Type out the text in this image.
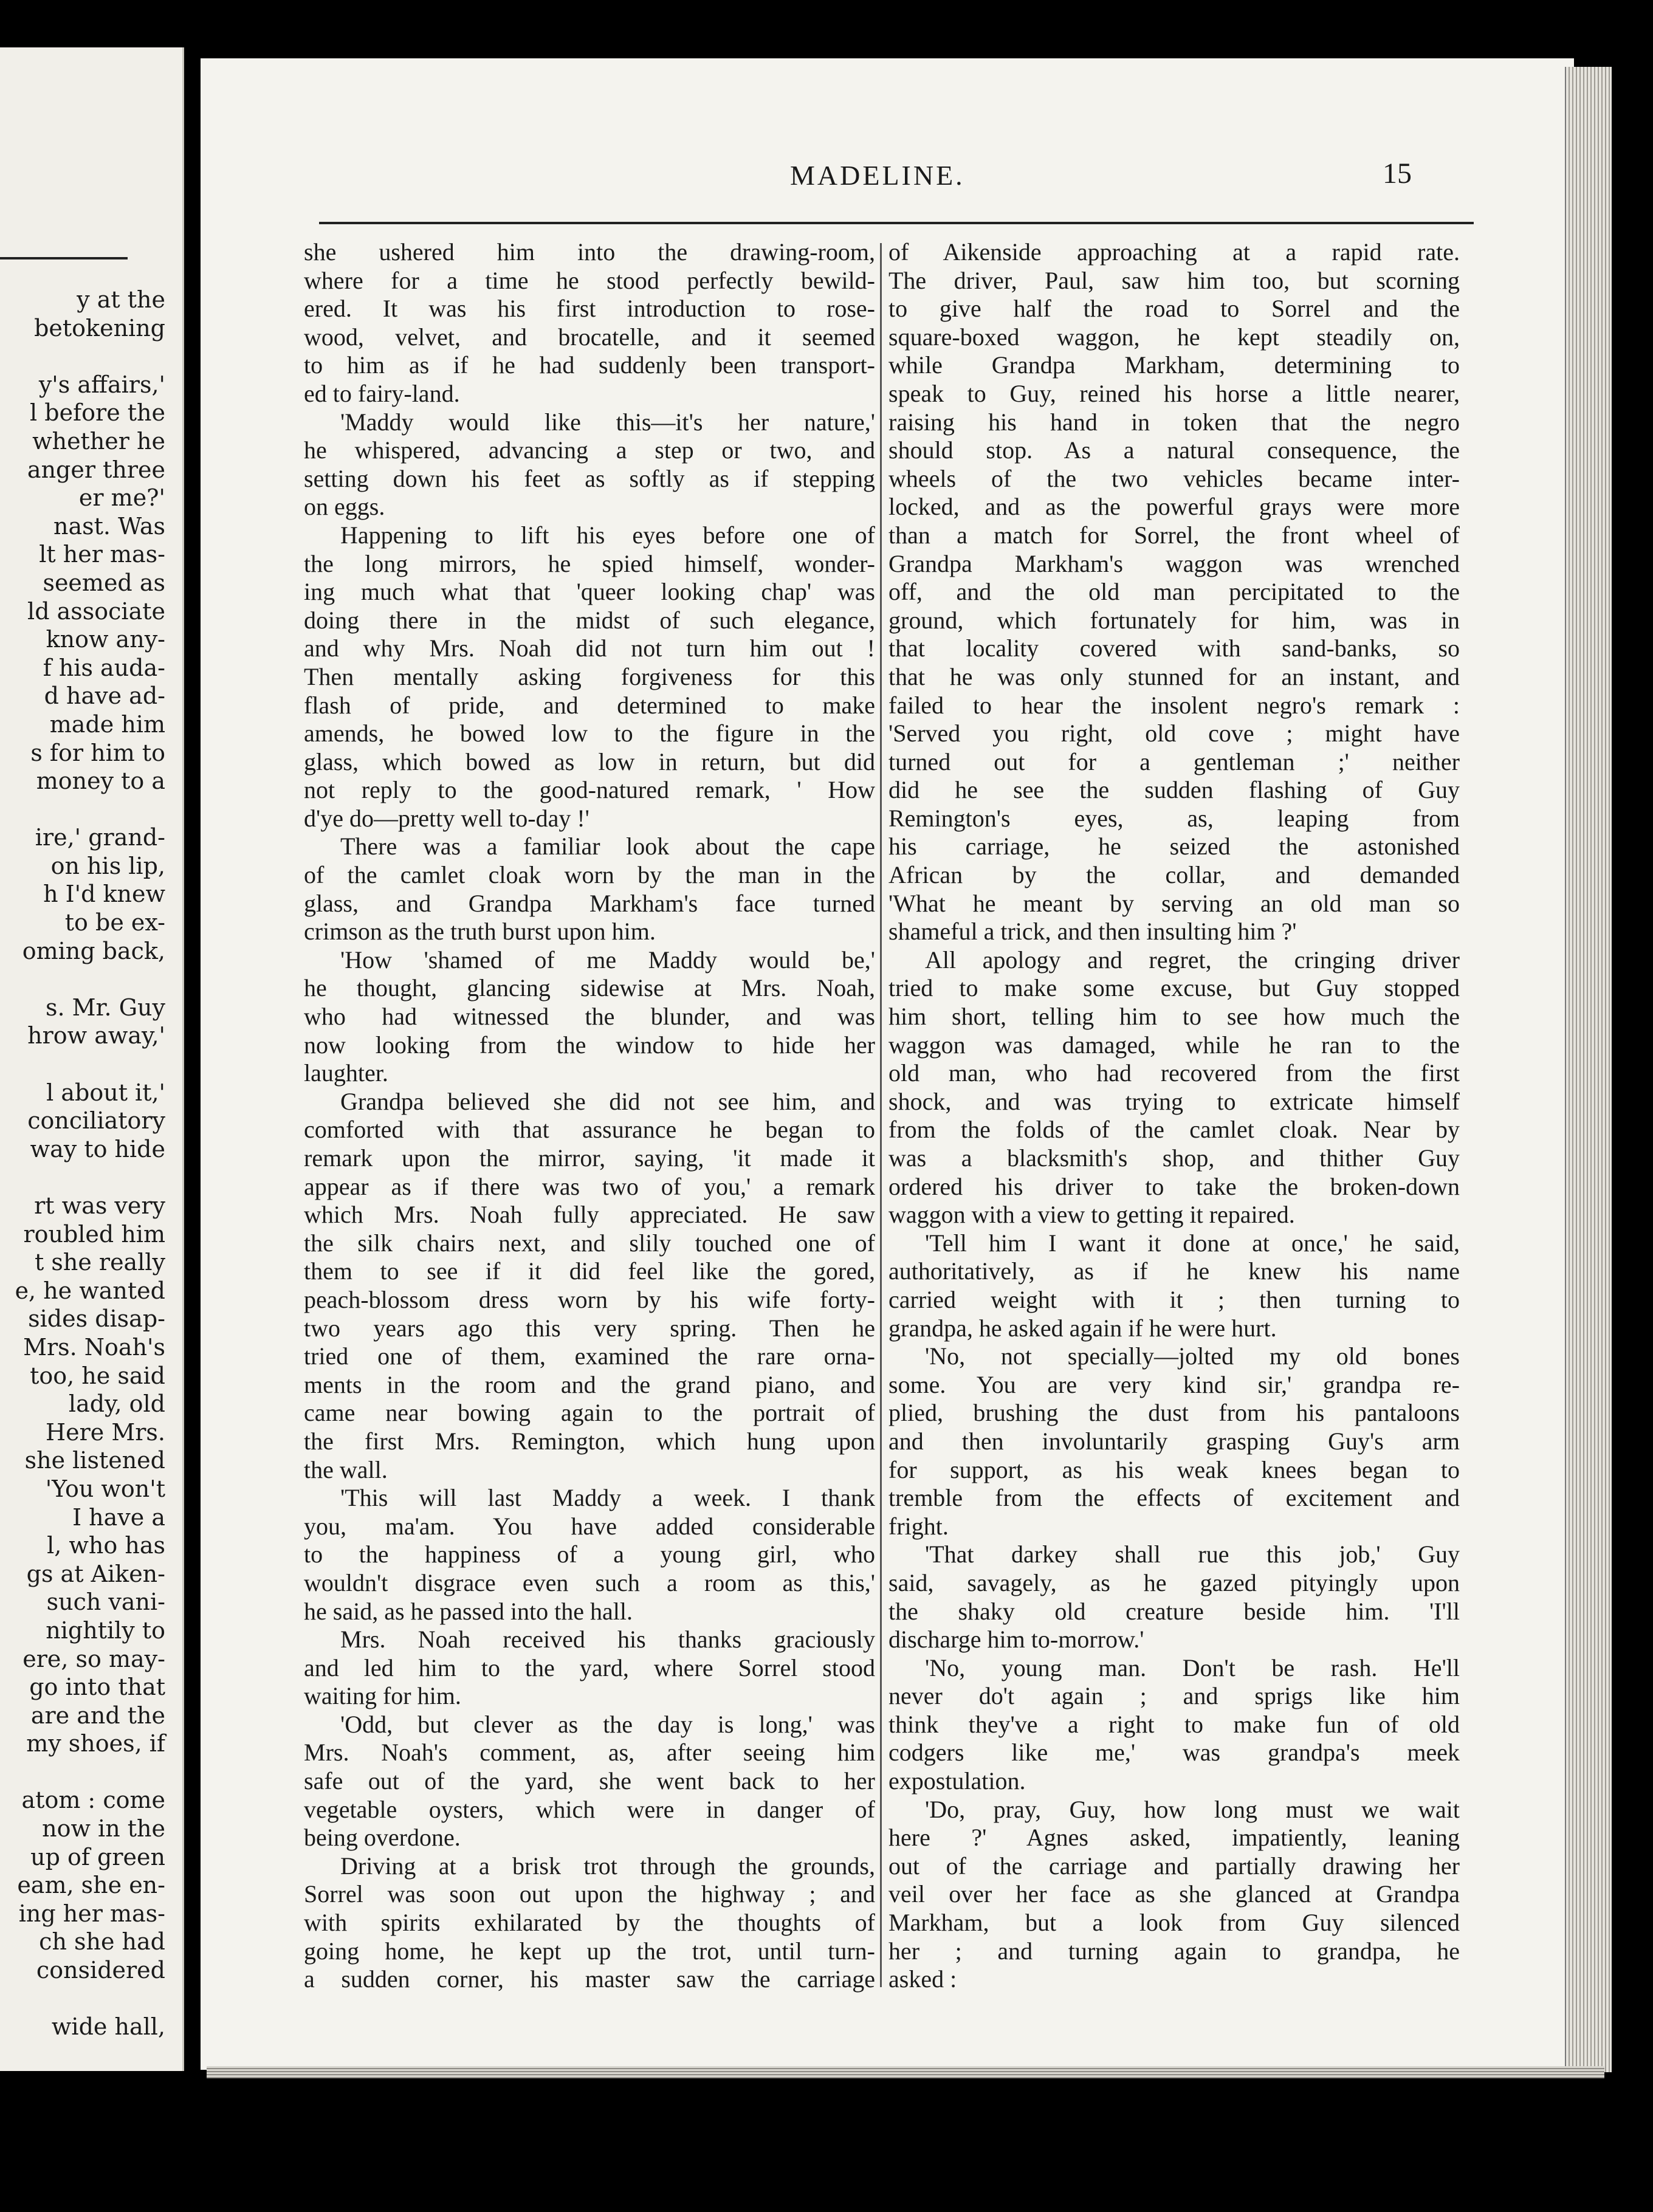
y at the
betokening
y's affairs,'
l before the
whether he
anger three
er me?'
nast. Was
lt her mas-
seemed as
ld associate
know any-
f his auda-
d have ad-
made him
s for him to
money to a
ire,' grand-
on his lip,
h I'd knew
to be ex-
oming back,
s. Mr. Guy
hrow away,'
l about it,'
conciliatory
way to hide
rt was very
roubled him
t she really
e, he wanted
sides disap-
Mrs. Noah's
too, he said
lady, old
Here Mrs.
she listened
'You won't
I have a
l, who has
gs at Aiken-
such vani-
nightily to
ere, so may-
go into that
are and the
my shoes, if
atom : come
now in the
up of green
eam, she en-
ing her mas-
ch she had
considered
wide hall,
MADELINE.	15
she ushered him into the drawing-room,
where for a time he stood perfectly bewild-
ered. It was his first introduction to rose-
wood, velvet, and brocatelle, and it seemed
to him as if he had suddenly been transport-
ed to fairy-land.
'Maddy would like this—it's her nature,'
he whispered, advancing a step or two, and
setting down his feet as softly as if stepping
on eggs.
Happening to lift his eyes before one of
the long mirrors, he spied himself, wonder-
ing much what that 'queer looking chap' was
doing there in the midst of such elegance,
and why Mrs. Noah did not turn him out !
Then mentally asking forgiveness for this
flash of pride, and determined to make
amends, he bowed low to the figure in the
glass, which bowed as low in return, but did
not reply to the good-natured remark, ' How
d'ye do—pretty well to-day !'
There was a familiar look about the cape
of the camlet cloak worn by the man in the
glass, and Grandpa Markham's face turned
crimson as the truth burst upon him.
'How 'shamed of me Maddy would be,'
he thought, glancing sidewise at Mrs. Noah,
who had witnessed the blunder, and was
now looking from the window to hide her
laughter.
Grandpa believed she did not see him, and
comforted with that assurance he began to
remark upon the mirror, saying, 'it made it
appear as if there was two of you,' a remark
which Mrs. Noah fully appreciated. He saw
the silk chairs next, and slily touched one of
them to see if it did feel like the gored,
peach-blossom dress worn by his wife forty-
two years ago this very spring. Then he
tried one of them, examined the rare orna-
ments in the room and the grand piano, and
came near bowing again to the portrait of
the first Mrs. Remington, which hung upon
the wall.
'This will last Maddy a week. I thank
you, ma'am. You have added considerable
to the happiness of a young girl, who
wouldn't disgrace even such a room as this,'
he said, as he passed into the hall.
Mrs. Noah received his thanks graciously
and led him to the yard, where Sorrel stood
waiting for him.
'Odd, but clever as the day is long,' was
Mrs. Noah's comment, as, after seeing him
safe out of the yard, she went back to her
vegetable oysters, which were in danger of
being overdone.
Driving at a brisk trot through the grounds,
Sorrel was soon out upon the highway ; and
with spirits exhilarated by the thoughts of
going home, he kept up the trot, until turn-
a sudden corner, his master saw the carriage
of Aikenside approaching at a rapid rate.
The driver, Paul, saw him too, but scorning
to give half the road to Sorrel and the
square-boxed waggon, he kept steadily on,
while Grandpa Markham, determining to
speak to Guy, reined his horse a little nearer,
raising his hand in token that the negro
should stop. As a natural consequence, the
wheels of the two vehicles became inter-
locked, and as the powerful grays were more
than a match for Sorrel, the front wheel of
Grandpa Markham's waggon was wrenched
off, and the old man percipitated to the
ground, which fortunately for him, was in
that locality covered with sand-banks, so
that he was only stunned for an instant, and
failed to hear the insolent negro's remark :
'Served you right, old cove ; might have
turned out for a gentleman ;' neither
did he see the sudden flashing of Guy
Remington's eyes, as, leaping from
his carriage, he seized the astonished
African by the collar, and demanded
'What he meant by serving an old man so
shameful a trick, and then insulting him ?'
All apology and regret, the cringing driver
tried to make some excuse, but Guy stopped
him short, telling him to see how much the
waggon was damaged, while he ran to the
old man, who had recovered from the first
shock, and was trying to extricate himself
from the folds of the camlet cloak. Near by
was a blacksmith's shop, and thither Guy
ordered his driver to take the broken-down
waggon with a view to getting it repaired.
'Tell him I want it done at once,' he said,
authoritatively, as if he knew his name
carried weight with it ; then turning to
grandpa, he asked again if he were hurt.
'No, not specially—jolted my old bones
some. You are very kind sir,' grandpa re-
plied, brushing the dust from his pantaloons
and then involuntarily grasping Guy's arm
for support, as his weak knees began to
tremble from the effects of excitement and
fright.
'That darkey shall rue this job,' Guy
said, savagely, as he gazed pityingly upon
the shaky old creature beside him. 'I'll
discharge him to-morrow.'
'No, young man. Don't be rash. He'll
never do't again ; and sprigs like him
think they've a right to make fun of old
codgers like me,' was grandpa's meek
expostulation.
'Do, pray, Guy, how long must we wait
here ?' Agnes asked, impatiently, leaning
out of the carriage and partially drawing her
veil over her face as she glanced at Grandpa
Markham, but a look from Guy silenced
her ; and turning again to grandpa, he
asked :
